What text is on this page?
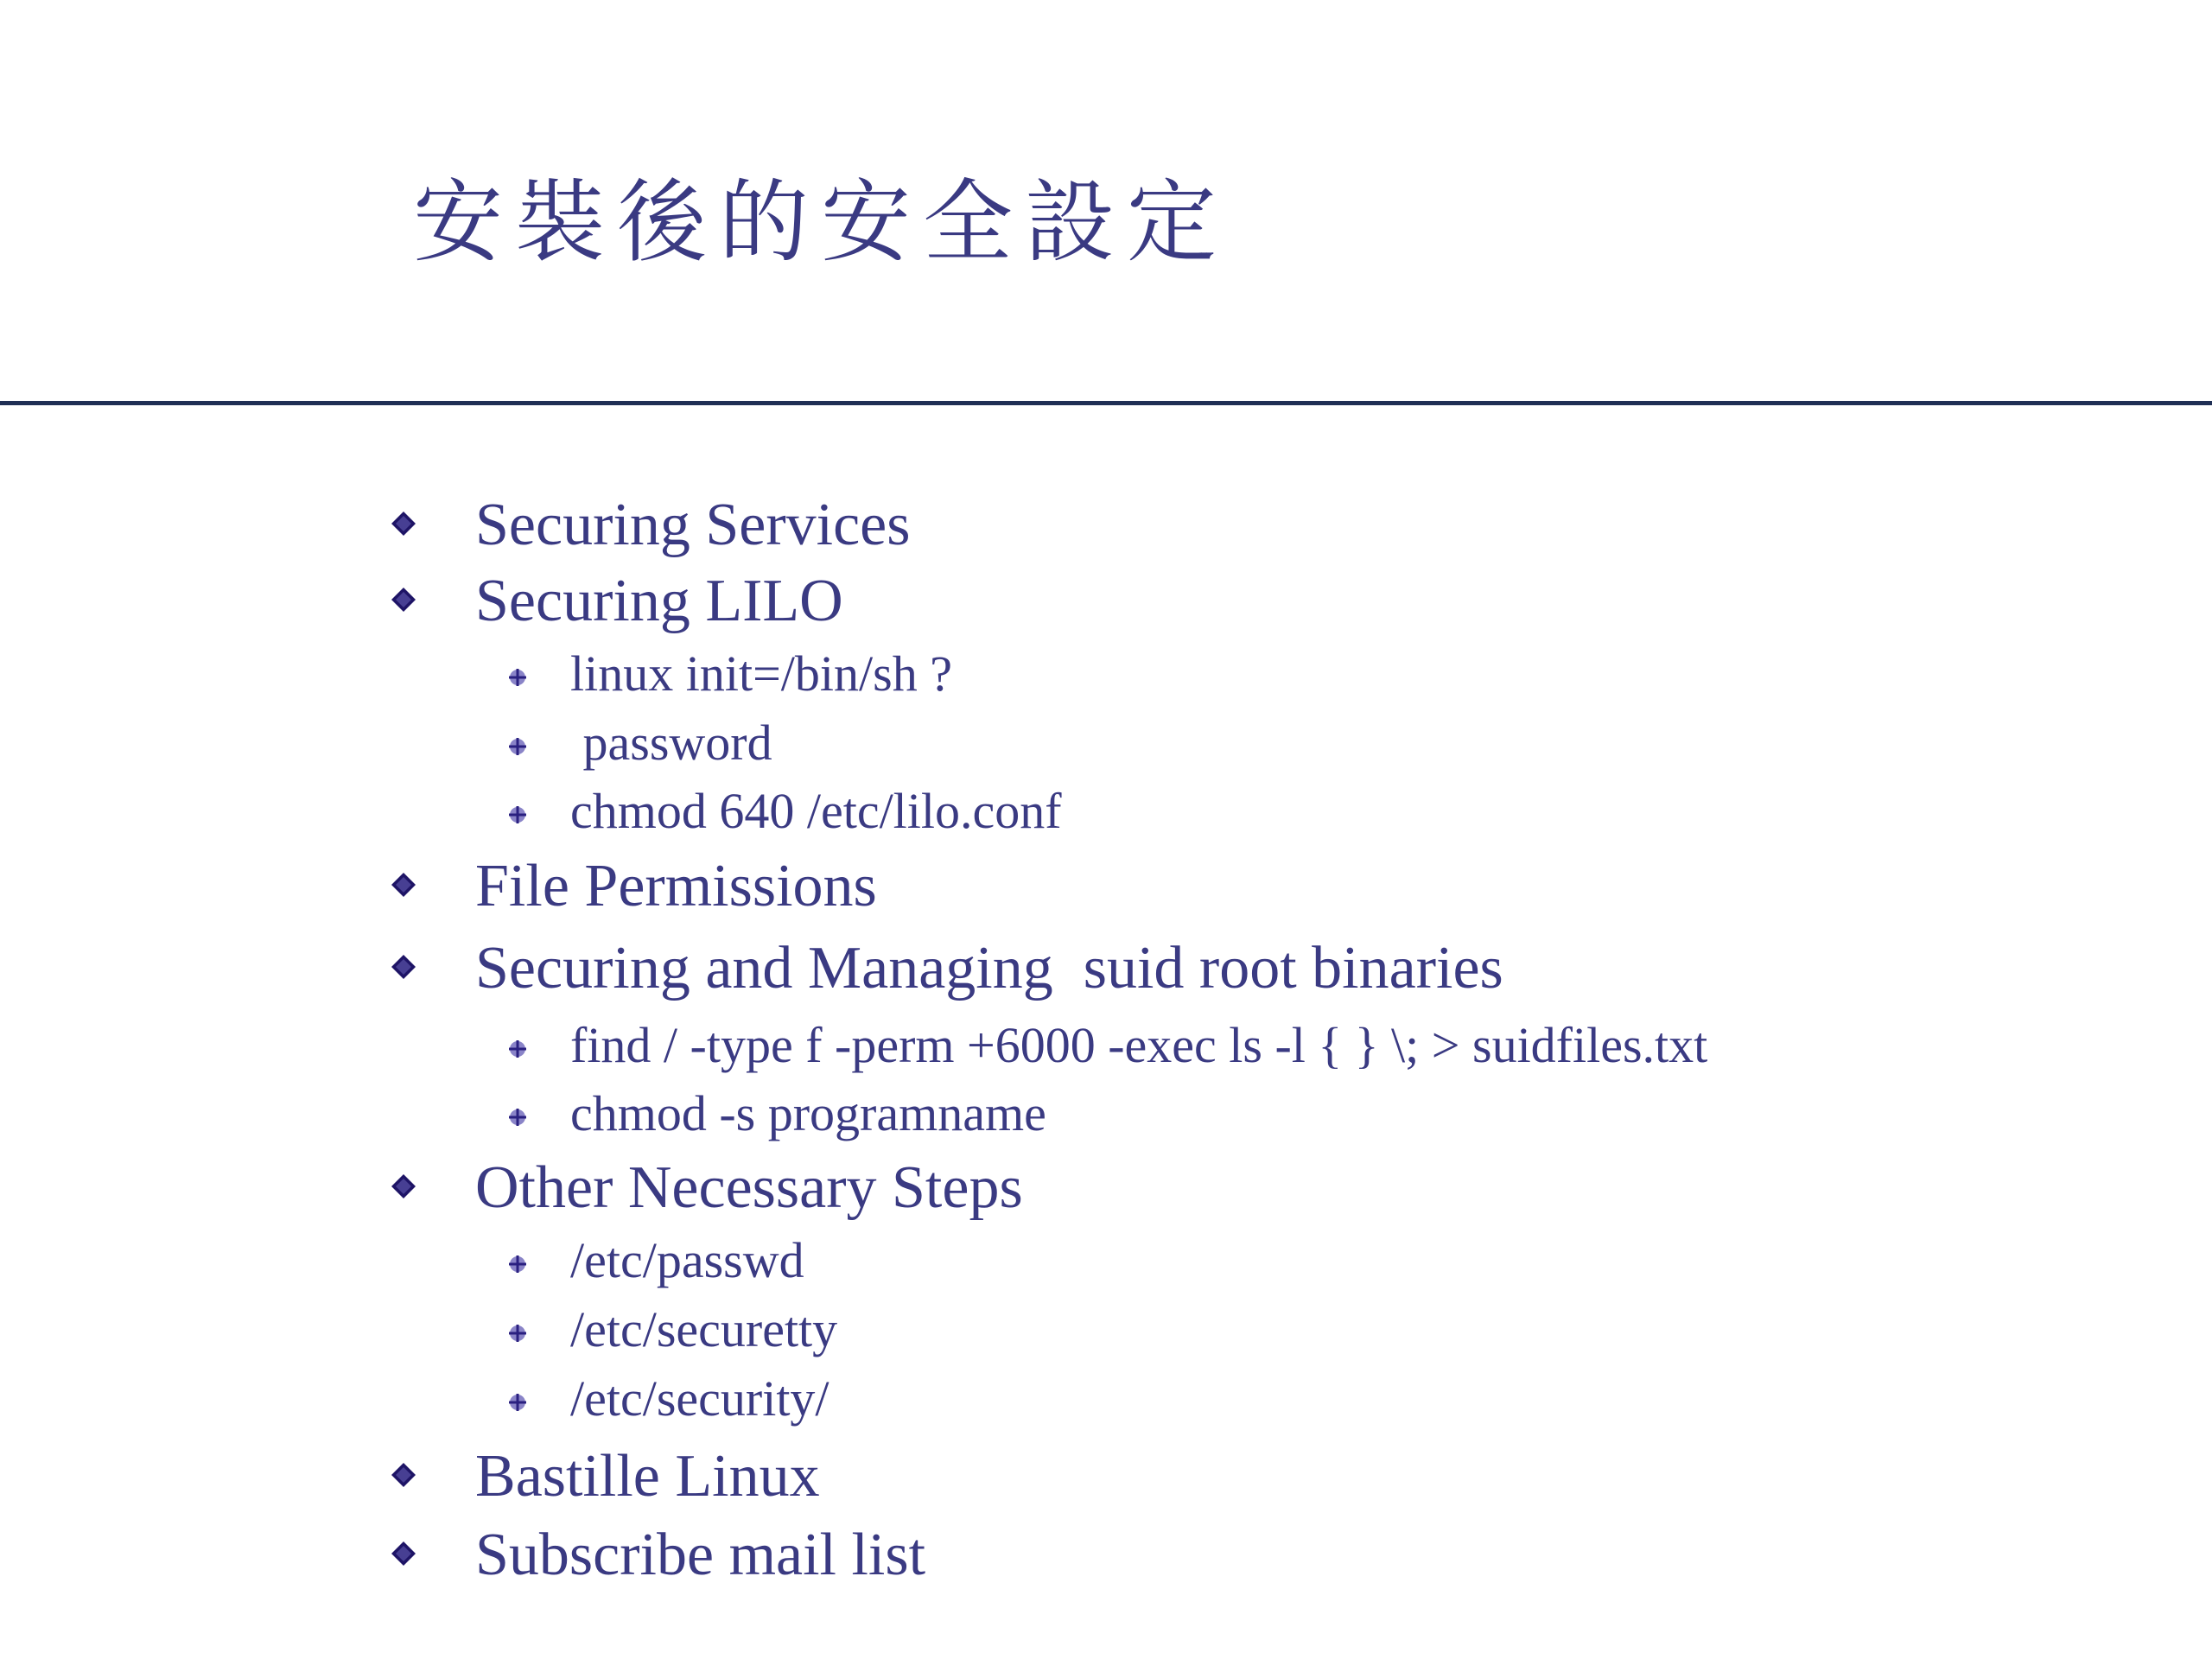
安裝後的安全設定
Securing Services
Securing LILO
linux init=/bin/sh ?
password
chmod 640 /etc/lilo.conf
File Permissions
Securing and Managing  suid root binaries
find / -type f -perm +6000 -exec ls -l { } \; > suidfiles.txt
chmod -s programname
Other Necessary Steps
/etc/passwd
/etc/securetty
/etc/security/
Bastille Linux
Subscribe mail list
